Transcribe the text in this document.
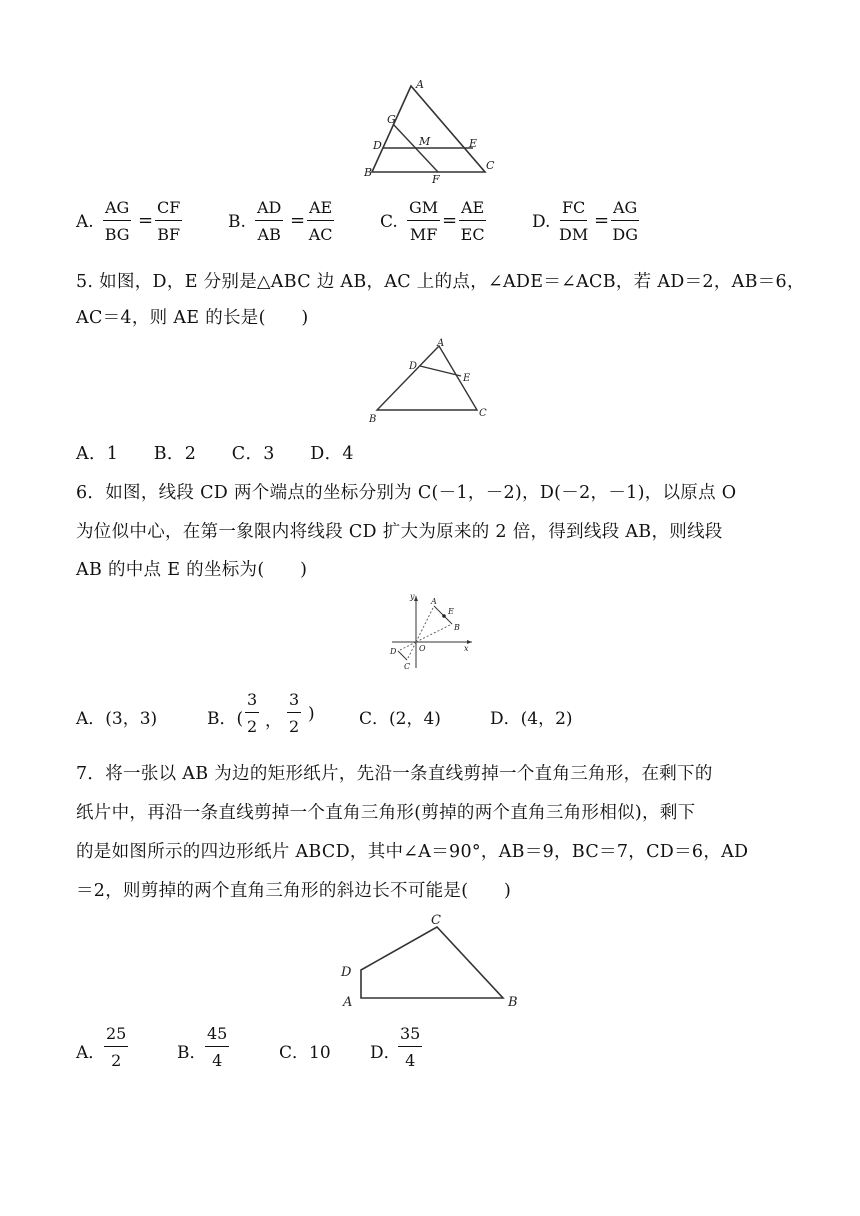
A
G
D	M	E
B
F
C
A. $\frac{AG}{BG} = \frac{CF}{BF}$	B. $\frac{AD}{AB} = \frac{AE}{AC}$	C. $\frac{GM}{MF} = \frac{AE}{EC}$	D. $\frac{FC}{DM} = \frac{AG}{DG}$
5. 如图，D，E 分别是△ABC 边 AB，AC 上的点，∠ADE＝∠ACB，若 AD＝2，AB＝6，
AC＝4，则 AE 的长是(　　)
A
D
E
B
C
A．1　　B．2　　C．3　　D．4
6．如图，线段 CD 两个端点的坐标分别为 C(－1，－2)，D(－2，－1)，以原点 O
为位似中心，在第一象限内将线段 CD 扩大为原来的 2 倍，得到线段 AB，则线段
AB 的中点 E 的坐标为(　　)
y
x
O
A
E
B
D
C
A．(3，3)	B．( $\frac{3}{2}$ ， $\frac{3}{2}$ )	C．(2，4)	D．(4，2)
7．将一张以 AB 为边的矩形纸片，先沿一条直线剪掉一个直角三角形，在剩下的
纸片中，再沿一条直线剪掉一个直角三角形(剪掉的两个直角三角形相似)，剩下
的是如图所示的四边形纸片 ABCD，其中∠A＝90°，AB＝9，BC＝7，CD＝6，AD
＝2，则剪掉的两个直角三角形的斜边长不可能是(　　)
C
D
A	B
A．
$\frac{25}{2}$	B．
$\frac{45}{4}$	C．10 D．
$\frac{35}{4}$
